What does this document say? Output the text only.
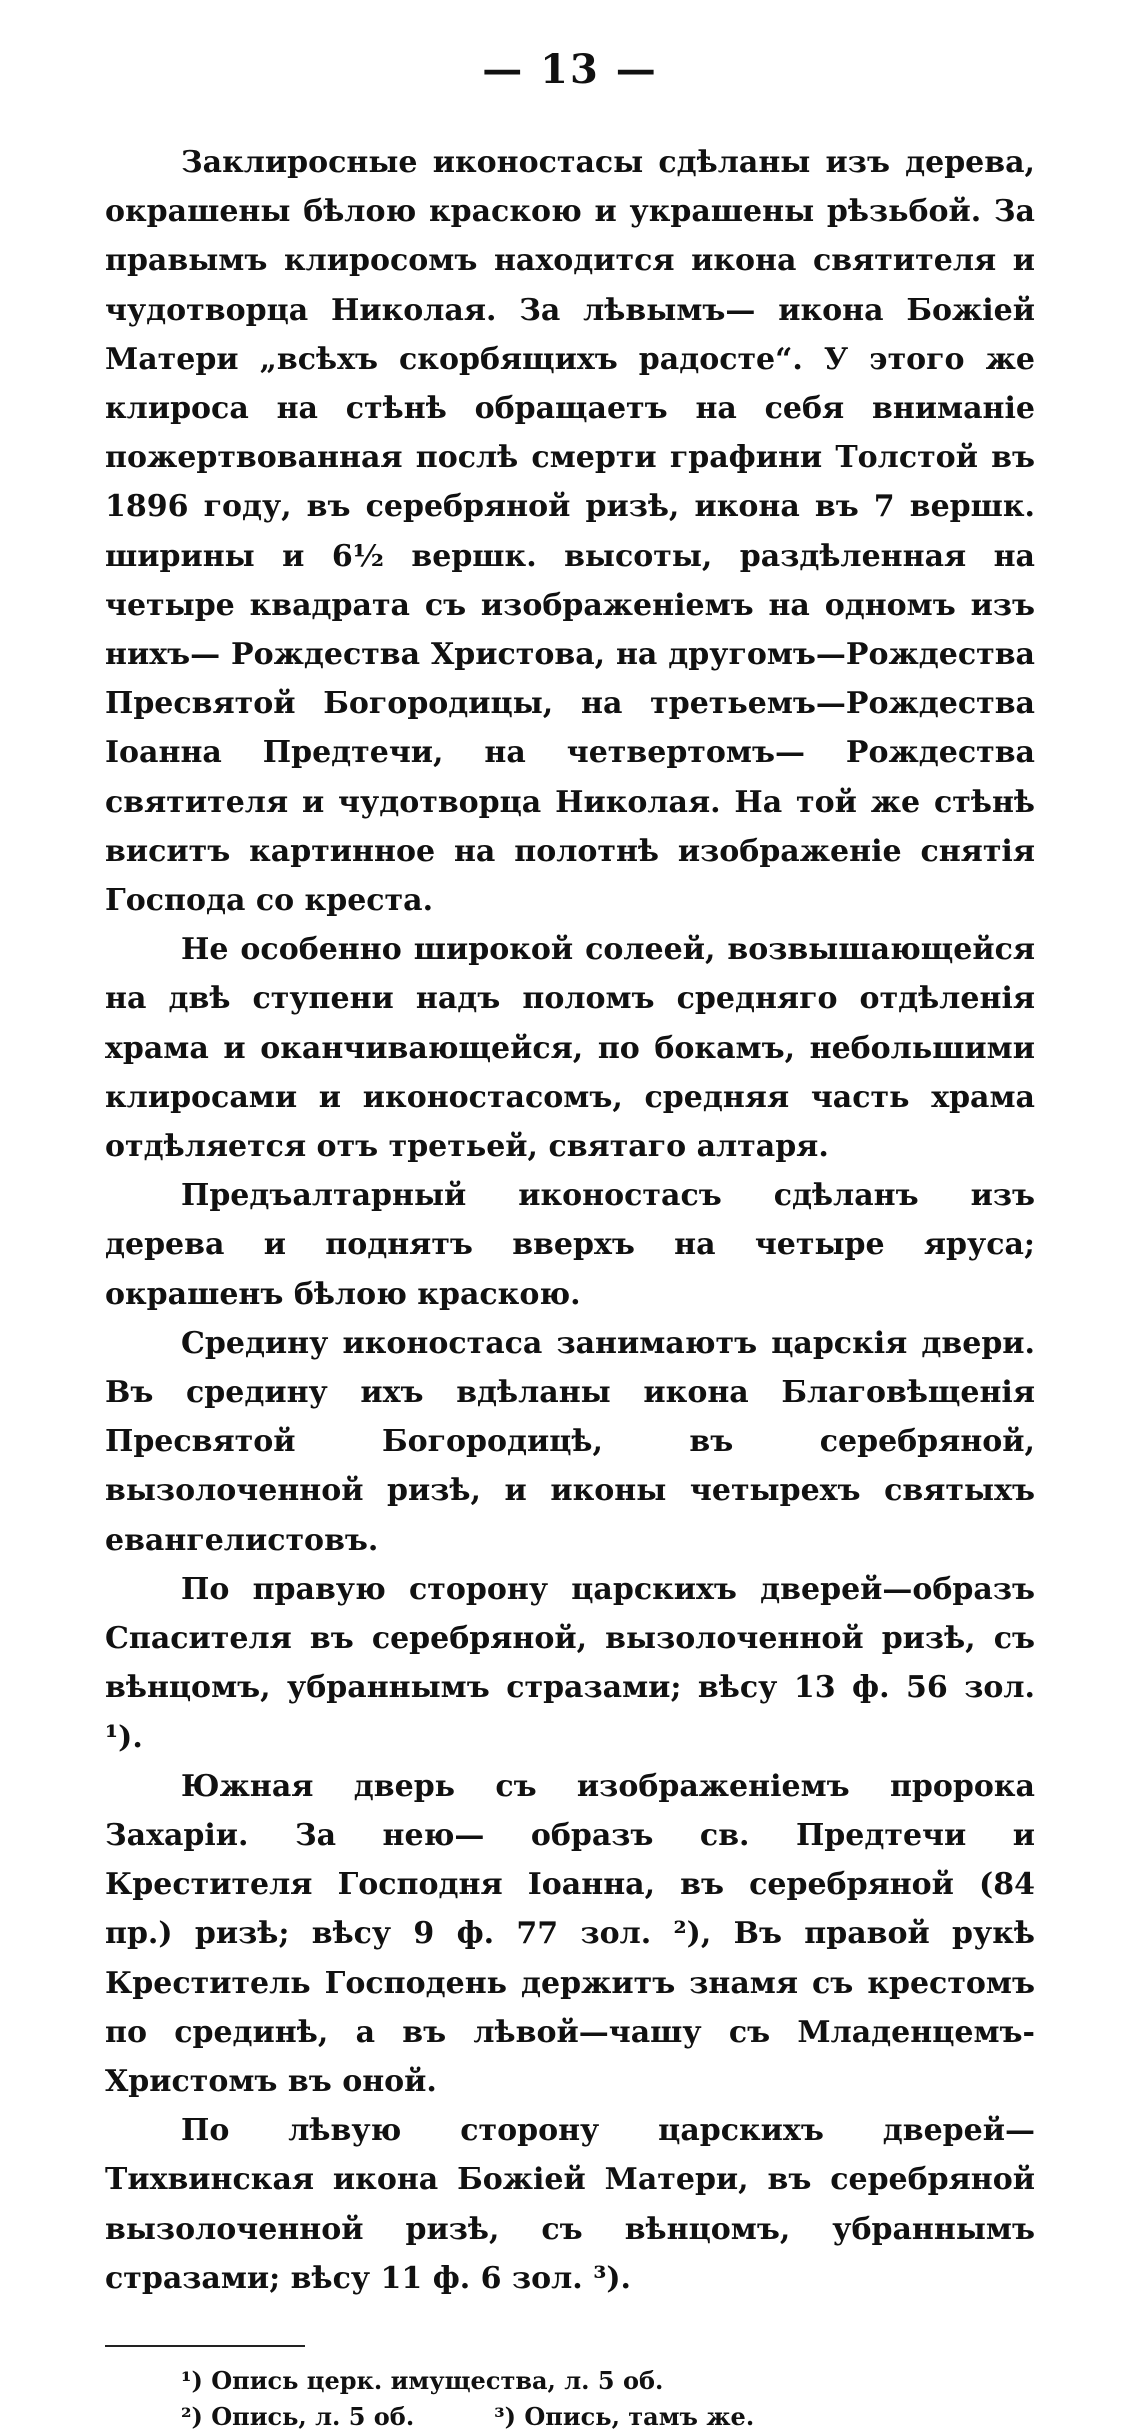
— 13 —

Заклиросные иконостасы сдѣланы изъ дерева, окрашены бѣлою краскою и украшены рѣзьбой. За правымъ клиросомъ находится икона святителя и чудотворца Николая. За лѣвымъ— икона Божіей Матери „всѣхъ скорбящихъ радосте“. У этого же клироса на стѣнѣ обращаетъ на себя вниманіе пожертвованная послѣ смерти графини Толстой въ 1896 году, въ серебряной ризѣ, икона въ 7 вершк. ширины и 6½ вершк. высоты, раздѣленная на четыре квадрата съ изображеніемъ на одномъ изъ нихъ— Рождества Христова, на другомъ—Рождества Пресвятой Богородицы, на третьемъ—Рождества Іоанна Предтечи, на четвертомъ— Рождества святителя и чудотворца Николая. На той же стѣнѣ виситъ картинное на полотнѣ изображеніе снятія Господа со креста.

Не особенно широкой солеей, возвышающейся на двѣ ступени надъ поломъ средняго отдѣленія храма и оканчивающейся, по бокамъ, небольшими клиросами и иконостасомъ, средняя часть храма отдѣляется отъ третьей, святаго алтаря.

Предъалтарный иконостасъ сдѣланъ изъ дерева и поднятъ вверхъ на четыре яруса; окрашенъ бѣлою краскою.

Средину иконостаса занимаютъ царскія двери. Въ средину ихъ вдѣланы икона Благовѣщенія Пресвятой Богородицѣ, въ серебряной, вызолоченной ризѣ, и иконы четырехъ святыхъ евангелистовъ.

По правую сторону царскихъ дверей—образъ Спасителя въ серебряной, вызолоченной ризѣ, съ вѣнцомъ, убраннымъ стразами; вѣсу 13 ф. 56 зол. ¹).

Южная дверь съ изображеніемъ пророка Захаріи. За нею— образъ св. Предтечи и Крестителя Господня Іоанна, въ серебряной (84 пр.) ризѣ; вѣсу 9 ф. 77 зол. ²), Въ правой рукѣ Креститель Господень держитъ знамя съ крестомъ по срединѣ, а въ лѣвой—чашу съ Младенцемъ-Христомъ въ оной.

По лѣвую сторону царскихъ дверей—Тихвинская икона Божіей Матери, въ серебряной вызолоченной ризѣ, съ вѣнцомъ, убраннымъ стразами; вѣсу 11 ф. 6 зол. ³).

¹) Опись церк. имущества, л. 5 об.
²) Опись, л. 5 об.	³) Опись, тамъ же.
